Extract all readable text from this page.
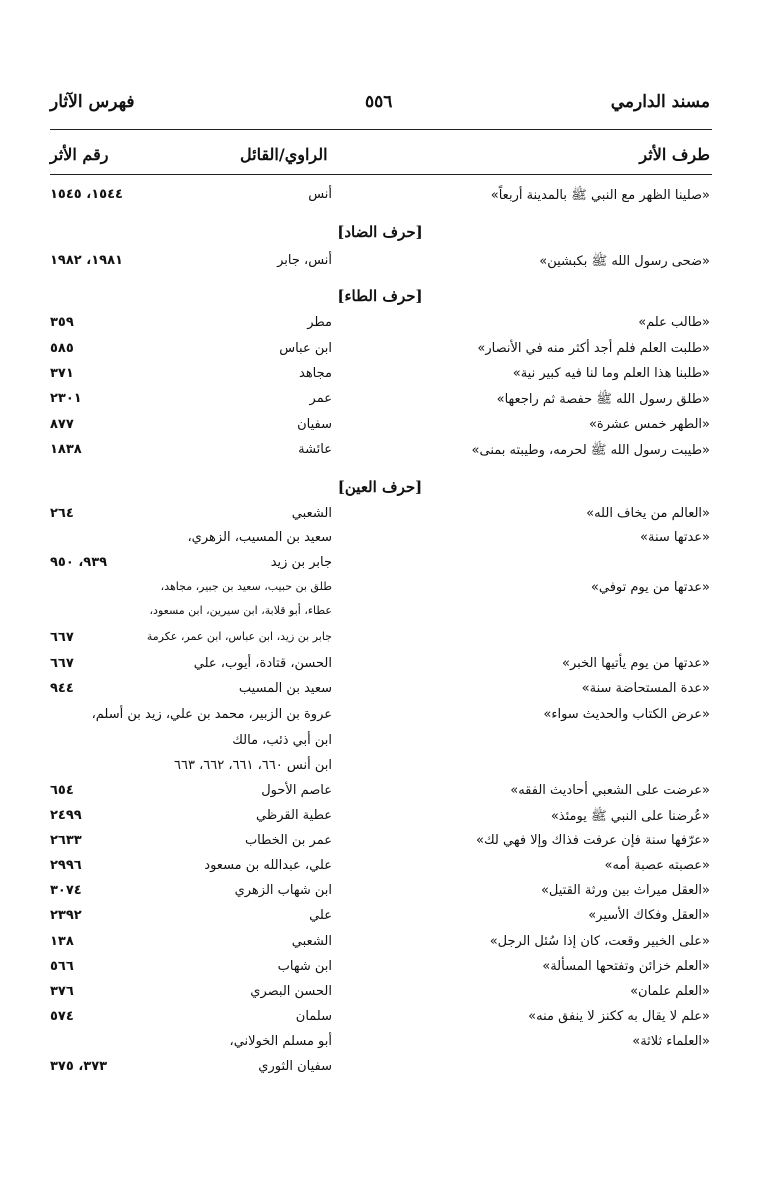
مسند الدارمي
٥٥٦
فهرس الآثار
طرف الأثر
الراوي/القائل
رقم الأثر
«صلينا الظهر مع النبي ﷺ بالمدينة أربعاً»
أنس
١٥٤٤، ١٥٤٥
[حرف الضاد]
«ضحى رسول الله ﷺ بكبشين»
أنس، جابر
١٩٨١، ١٩٨٢
[حرف الطاء]
«طالب علم»
مطر
٣٥٩
«طلبت العلم فلم أجد أكثر منه في الأنصار»
ابن عباس
٥٨٥
«طلبنا هذا العلم وما لنا فيه كبير نية»
مجاهد
٣٧١
«طلق رسول الله ﷺ حفصة ثم راجعها»
عمر
٢٣٠١
«الطهر خمس عشرة»
سفيان
٨٧٧
«طيبت رسول الله ﷺ لحرمه، وطيبته بمنى»
عائشة
١٨٣٨
[حرف العين]
«العالم من يخاف الله»
الشعبي
٢٦٤
«عدتها سنة»
سعيد بن المسيب، الزهري،
جابر بن زيد
٩٣٩، ٩٥٠
«عدتها من يوم توفي»
طلق بن حبيب، سعيد بن جبير، مجاهد،
عطاء، أبو قلابة، ابن سيرين، ابن مسعود،
جابر بن زيد، ابن عباس، ابن عمر، عكرمة
٦٦٧
«عدتها من يوم يأتيها الخبر»
الحسن، قتادة، أيوب، علي
٦٦٧
«عدة المستحاضة سنة»
سعيد بن المسيب
٩٤٤
«عرض الكتاب والحديث سواء»
عروة بن الزبير، محمد بن علي، زيد بن أسلم،
ابن أبي ذئب، مالك
ابن أنس ٦٦٠، ٦٦١، ٦٦٢، ٦٦٣
«عرضت على الشعبي أحاديث الفقه»
عاصم الأحول
٦٥٤
«عُرضنا على النبي ﷺ يومئذ»
عطية القرظي
٢٤٩٩
«عرّفها سنة فإن عرفت فذاك وإلا فهي لك»
عمر بن الخطاب
٢٦٣٣
«عصبته عصبة أمه»
علي، عبدالله بن مسعود
٢٩٩٦
«العقل ميراث بين ورثة القتيل»
ابن شهاب الزهري
٣٠٧٤
«العقل وفكاك الأسير»
علي
٢٣٩٢
«على الخبير وقعت، كان إذا سُئل الرجل»
الشعبي
١٣٨
«العلم خزائن وتفتحها المسألة»
ابن شهاب
٥٦٦
«العلم علمان»
الحسن البصري
٣٧٦
«علم لا يقال به ككنز لا ينفق منه»
سلمان
٥٧٤
«العلماء ثلاثة»
أبو مسلم الخولاني،
سفيان الثوري
٣٧٣، ٣٧٥
